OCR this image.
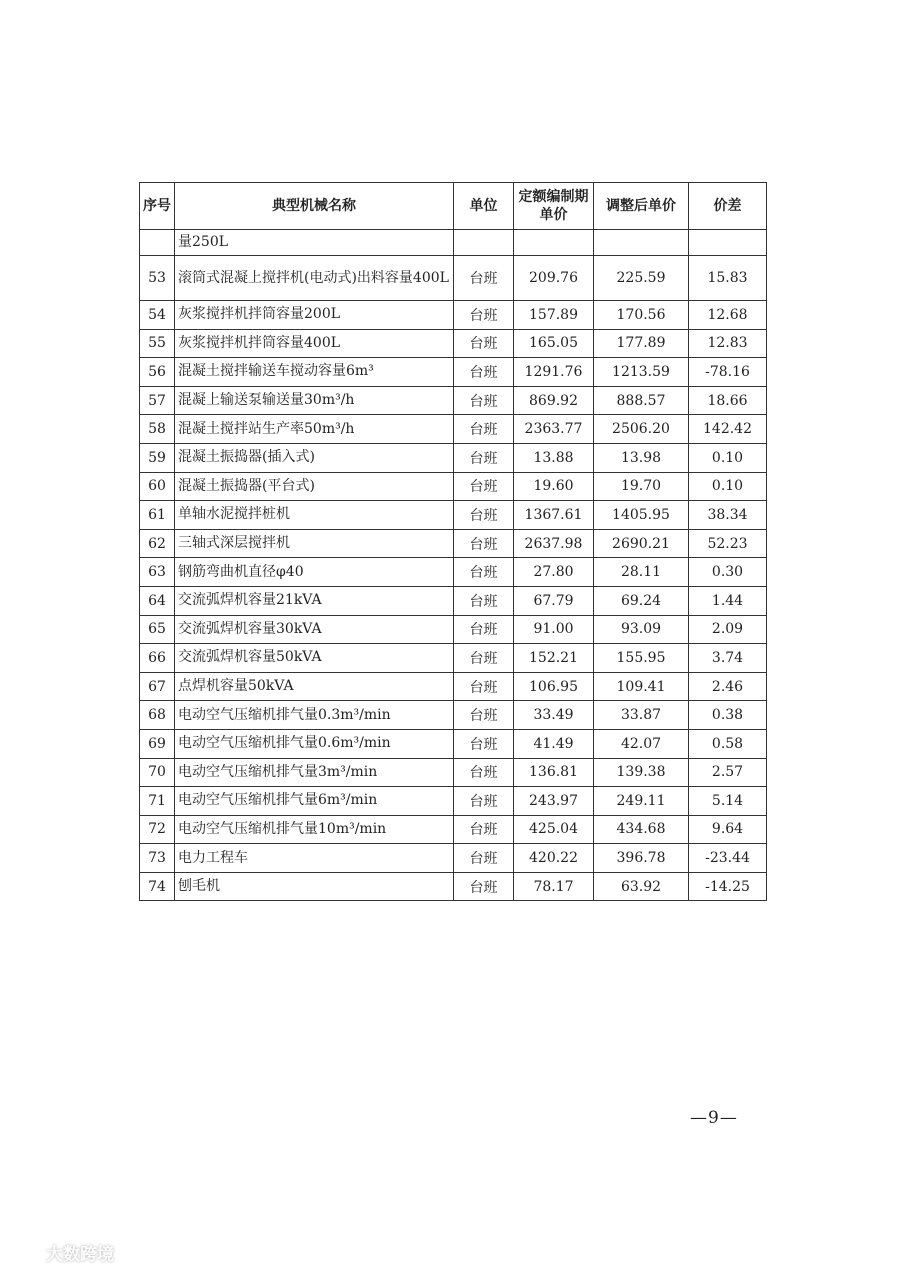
序号	典型机械名称	单位	定额编制期单价	调整后单价	价差
	量250L				
53	滚筒式混凝上搅拌机(电动式)出料容量400L	台班	209.76	225.59	15.83
54	灰浆搅拌机拌筒容量200L	台班	157.89	170.56	12.68
55	灰浆搅拌机拌筒容量400L	台班	165.05	177.89	12.83
56	混凝土搅拌输送车搅动容量6m³	台班	1291.76	1213.59	-78.16
57	混凝上输送泵输送量30m³/h	台班	869.92	888.57	18.66
58	混凝土搅拌站生产率50m³/h	台班	2363.77	2506.20	142.42
59	混凝土振捣器(插入式)	台班	13.88	13.98	0.10
60	混凝土振捣器(平台式)	台班	19.60	19.70	0.10
61	单轴水泥搅拌桩机	台班	1367.61	1405.95	38.34
62	三轴式深层搅拌机	台班	2637.98	2690.21	52.23
63	钢筋弯曲机直径φ40	台班	27.80	28.11	0.30
64	交流弧焊机容量21kVA	台班	67.79	69.24	1.44
65	交流弧焊机容量30kVA	台班	91.00	93.09	2.09
66	交流弧焊机容量50kVA	台班	152.21	155.95	3.74
67	点焊机容量50kVA	台班	106.95	109.41	2.46
68	电动空气压缩机排气量0.3m³/min	台班	33.49	33.87	0.38
69	电动空气压缩机排气量0.6m³/min	台班	41.49	42.07	0.58
70	电动空气压缩机排气量3m³/min	台班	136.81	139.38	2.57
71	电动空气压缩机排气量6m³/min	台班	243.97	249.11	5.14
72	电动空气压缩机排气量10m³/min	台班	425.04	434.68	9.64
73	电力工程车	台班	420.22	396.78	-23.44
74	刨毛机	台班	78.17	63.92	-14.25
—9—
大数跨境
